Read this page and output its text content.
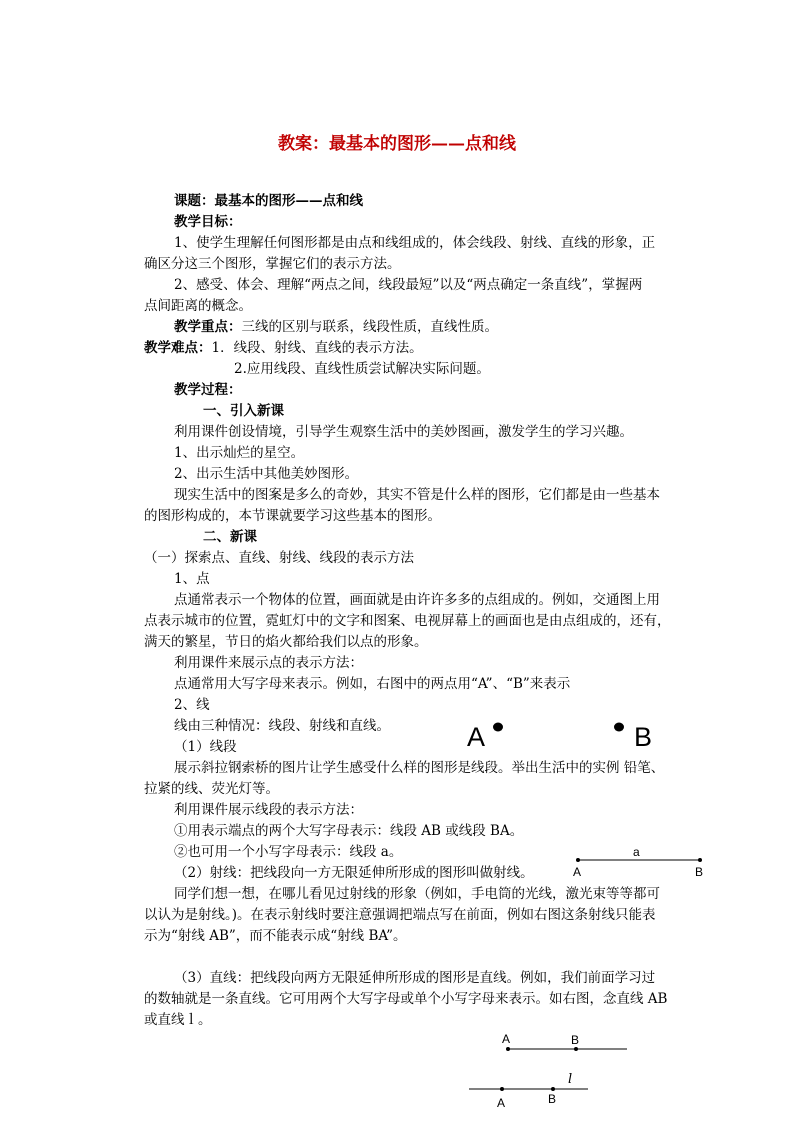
教案：最基本的图形——点和线
课题：最基本的图形——点和线
教学目标：
1、使学生理解任何图形都是由点和线组成的，体会线段、射线、直线的形象，正
确区分这三个图形，掌握它们的表示方法。
2、感受、体会、理解“两点之间，线段最短”以及“两点确定一条直线”，掌握两
点间距离的概念。
教学重点：三线的区别与联系，线段性质，直线性质。
教学难点：1．线段、射线、直线的表示方法。
2.应用线段、直线性质尝试解决实际问题。
教学过程：
一、引入新课
利用课件创设情境，引导学生观察生活中的美妙图画，激发学生的学习兴趣。
1、出示灿烂的星空。
2、出示生活中其他美妙图形。
现实生活中的图案是多么的奇妙，其实不管是什么样的图形，它们都是由一些基本
的图形构成的，本节课就要学习这些基本的图形。
二、新课
（一）探索点、直线、射线、线段的表示方法
1、点
点通常表示一个物体的位置，画面就是由许许多多的点组成的。例如，交通图上用
点表示城市的位置，霓虹灯中的文字和图案、电视屏幕上的画面也是由点组成的，还有，
满天的繁星，节日的焰火都给我们以点的形象。
利用课件来展示点的表示方法：
点通常用大写字母来表示。例如，右图中的两点用“A”、“B”来表示
2、线
线由三种情况：线段、射线和直线。
（1）线段
展示斜拉钢索桥的图片让学生感受什么样的图形是线段。举出生活中的实例 铅笔、
拉紧的线、荧光灯等。
利用课件展示线段的表示方法：
①用表示端点的两个大写字母表示：线段 AB 或线段 BA。
②也可用一个小写字母表示：线段 a。
（2）射线：把线段向一方无限延伸所形成的图形叫做射线。
同学们想一想，在哪儿看见过射线的形象（例如，手电筒的光线，激光束等等都可
以认为是射线。)。在表示射线时要注意强调把端点写在前面，例如右图这条射线只能表
示为“射线 AB”，而不能表示成“射线 BA”。
（3）直线：把线段向两方无限延伸所形成的图形是直线。例如，我们前面学习过
的数轴就是一条直线。它可用两个大写字母或单个小写字母来表示。如右图，念直线 AB
或直线ｌ。
A	B
a
A	B
A	B
l
A	B
